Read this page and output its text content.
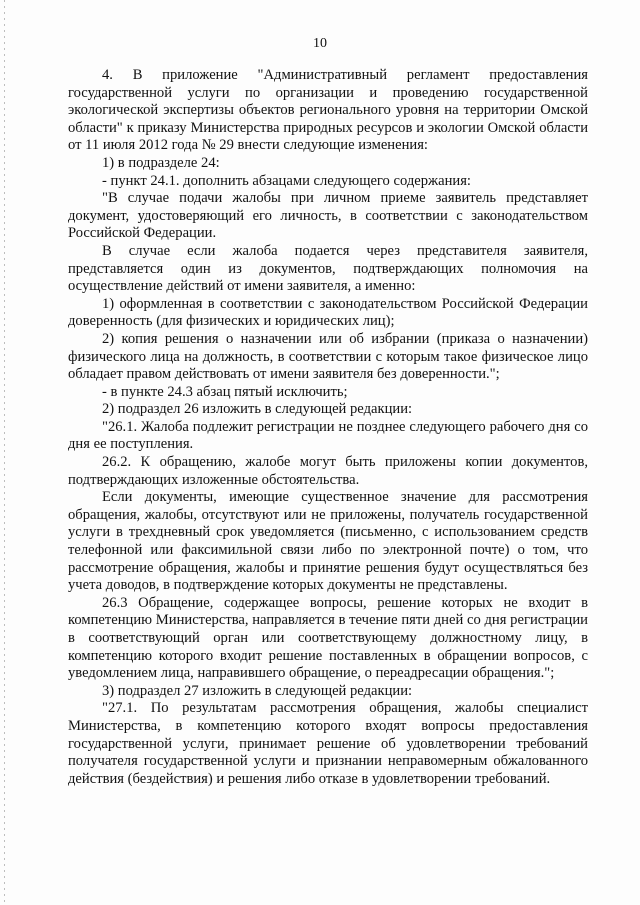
10

4. В приложение "Административный регламент предоставления государственной услуги по организации и проведению государственной экологической экспертизы объектов регионального уровня на территории Омской области" к приказу Министерства природных ресурсов и экологии Омской области от 11 июля 2012 года № 29 внести следующие изменения:

1) в подразделе 24:

- пункт 24.1. дополнить абзацами следующего содержания:

"В случае подачи жалобы при личном приеме заявитель представляет документ, удостоверяющий его личность, в соответствии с законодательством Российской Федерации.

В случае если жалоба подается через представителя заявителя, представляется один из документов, подтверждающих полномочия на осуществление действий от имени заявителя, а именно:

1) оформленная в соответствии с законодательством Российской Федерации доверенность (для физических и юридических лиц);

2) копия решения о назначении или об избрании (приказа о назначении) физического лица на должность, в соответствии с которым такое физическое лицо обладает правом действовать от имени заявителя без доверенности.";

- в пункте 24.3 абзац пятый исключить;

2) подраздел 26 изложить в следующей редакции:

"26.1. Жалоба подлежит регистрации не позднее следующего рабочего дня со дня ее поступления.

26.2. К обращению, жалобе могут быть приложены копии документов, подтверждающих изложенные обстоятельства.

Если документы, имеющие существенное значение для рассмотрения обращения, жалобы, отсутствуют или не приложены, получатель государственной услуги в трехдневный срок уведомляется (письменно, с использованием средств телефонной или факсимильной связи либо по электронной почте) о том, что рассмотрение обращения, жалобы и принятие решения будут осуществляться без учета доводов, в подтверждение которых документы не представлены.

26.3 Обращение, содержащее вопросы, решение которых не входит в компетенцию Министерства, направляется в течение пяти дней со дня регистрации в соответствующий орган или соответствующему должностному лицу, в компетенцию которого входит решение поставленных в обращении вопросов, с уведомлением лица, направившего обращение, о переадресации обращения.";

3) подраздел 27 изложить в следующей редакции:

"27.1. По результатам рассмотрения обращения, жалобы специалист Министерства, в компетенцию которого входят вопросы предоставления государственной услуги, принимает решение об удовлетворении требований получателя государственной услуги и признании неправомерным обжалованного действия (бездействия) и решения либо отказе в удовлетворении требований.
